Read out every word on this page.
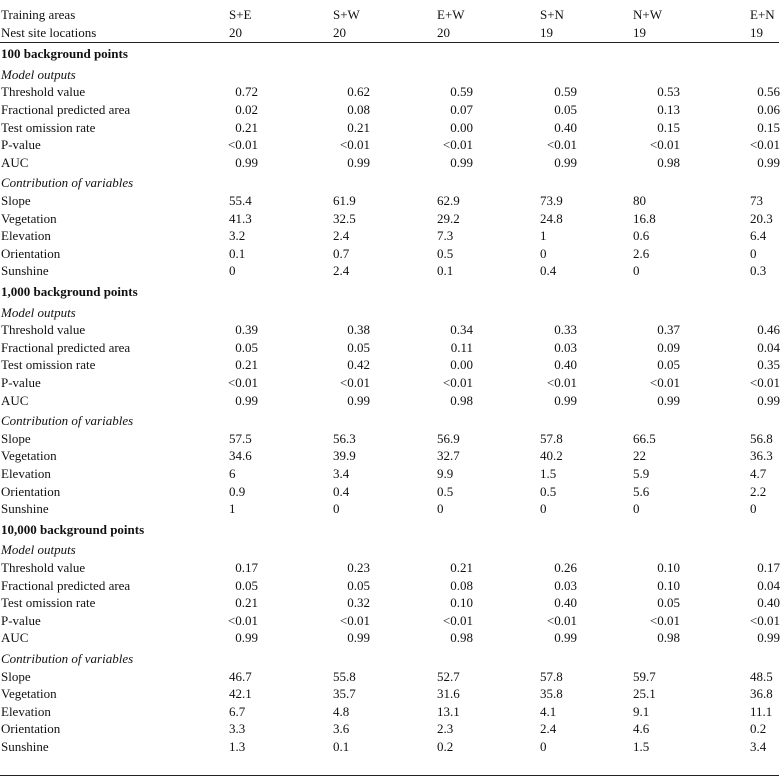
Training areas	S+E	S+W	E+W	S+N	N+W	E+N
Nest site locations	20	20	20	19	19	19
100 background points
Model outputs
Threshold value	0.72	0.62	0.59	0.59	0.53	0.56
Fractional predicted area	0.02	0.08	0.07	0.05	0.13	0.06
Test omission rate	0.21	0.21	0.00	0.40	0.15	0.15
P-value	<0.01	<0.01	<0.01	<0.01	<0.01	<0.01
AUC	0.99	0.99	0.99	0.99	0.98	0.99
Contribution of variables
Slope	55.4	61.9	62.9	73.9	80	73
Vegetation	41.3	32.5	29.2	24.8	16.8	20.3
Elevation	3.2	2.4	7.3	1	0.6	6.4
Orientation	0.1	0.7	0.5	0	2.6	0
Sunshine	0	2.4	0.1	0.4	0	0.3
1,000 background points
Model outputs
Threshold value	0.39	0.38	0.34	0.33	0.37	0.46
Fractional predicted area	0.05	0.05	0.11	0.03	0.09	0.04
Test omission rate	0.21	0.42	0.00	0.40	0.05	0.35
P-value	<0.01	<0.01	<0.01	<0.01	<0.01	<0.01
AUC	0.99	0.99	0.98	0.99	0.99	0.99
Contribution of variables
Slope	57.5	56.3	56.9	57.8	66.5	56.8
Vegetation	34.6	39.9	32.7	40.2	22	36.3
Elevation	6	3.4	9.9	1.5	5.9	4.7
Orientation	0.9	0.4	0.5	0.5	5.6	2.2
Sunshine	1	0	0	0	0	0
10,000 background points
Model outputs
Threshold value	0.17	0.23	0.21	0.26	0.10	0.17
Fractional predicted area	0.05	0.05	0.08	0.03	0.10	0.04
Test omission rate	0.21	0.32	0.10	0.40	0.05	0.40
P-value	<0.01	<0.01	<0.01	<0.01	<0.01	<0.01
AUC	0.99	0.99	0.98	0.99	0.98	0.99
Contribution of variables
Slope	46.7	55.8	52.7	57.8	59.7	48.5
Vegetation	42.1	35.7	31.6	35.8	25.1	36.8
Elevation	6.7	4.8	13.1	4.1	9.1	11.1
Orientation	3.3	3.6	2.3	2.4	4.6	0.2
Sunshine	1.3	0.1	0.2	0	1.5	3.4
